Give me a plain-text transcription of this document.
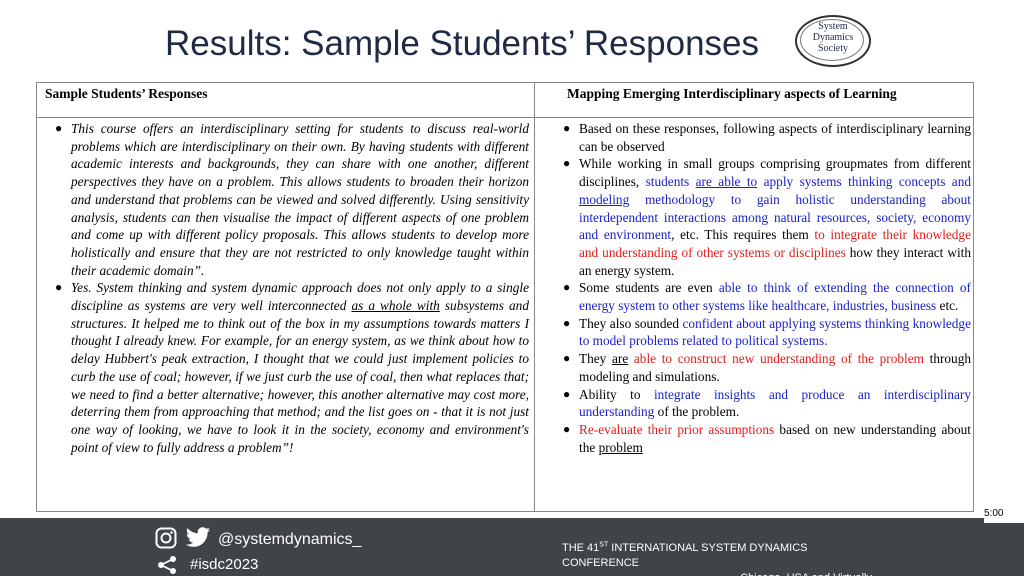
Results: Sample Students’ Responses	System
Dynamics
Society
Sample Students’ Responses	Mapping Emerging Interdisciplinary aspects of Learning
● This course offers an interdisciplinary setting for students to discuss real-world problems which are interdisciplinary on their own. By having students with different academic interests and backgrounds, they can share with one another, different perspectives they have on a problem. This allows students to broaden their horizon and understand that problems can be viewed and solved differently. Using sensitivity analysis, students can then visualise the impact of different aspects of one problem and come up with different policy proposals. This allows students to develop more holistically and ensure that they are not restricted to only knowledge taught within their academic domain”.
● Yes. System thinking and system dynamic approach does not only apply to a single discipline as systems are very well interconnected as a whole with subsystems and structures. It helped me to think out of the box in my assumptions towards matters I thought I already knew. For example, for an energy system, as we think about how to delay Hubbert's peak extraction, I thought that we could just implement policies to curb the use of coal; however, if we just curb the use of coal, then what replaces that; we need to find a better alternative; however, this another alternative may cost more, deterring them from approaching that method; and the list goes on - that it is not just one way of looking, we have to look it in the society, economy and environment's point of view to fully address a problem”!
● Based on these responses, following aspects of interdisciplinary learning can be observed
● While working in small groups comprising groupmates from different disciplines, students are able to apply systems thinking concepts and modeling methodology to gain holistic understanding about interdependent interactions among natural resources, society, economy and environment, etc. This requires them to integrate their knowledge and understanding of other systems or disciplines how they interact with an energy system.
● Some students are even able to think of extending the connection of energy system to other systems like healthcare, industries, business etc.
● They also sounded confident about applying systems thinking knowledge to model problems related to political systems.
● They are able to construct new understanding of the problem through modeling and simulations.
● Ability to integrate insights and produce an interdisciplinary understanding of the problem.
● Re-evaluate their prior assumptions based on new understanding about the problem
5:00
@systemdynamics_
#isdc2023
THE 41ST INTERNATIONAL SYSTEM DYNAMICS CONFERENCE
Chicago, USA and Virtually
